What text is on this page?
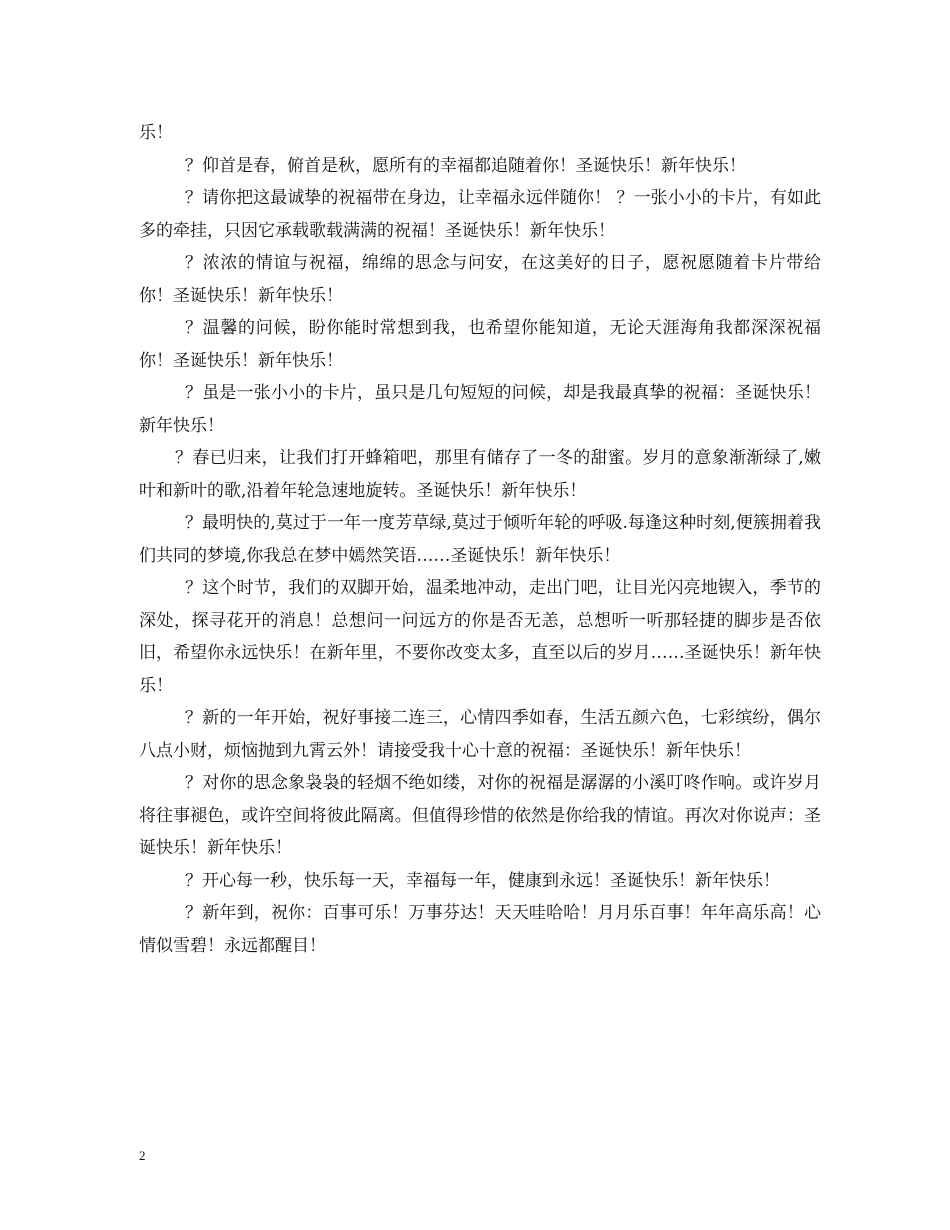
乐！

？仰首是春，俯首是秋，愿所有的幸福都追随着你！圣诞快乐！新年快乐！

？请你把这最诚挚的祝福带在身边，让幸福永远伴随你！ ？一张小小的卡片，有如此多的牵挂，只因它承载歌载满满的祝福！圣诞快乐！新年快乐！

？浓浓的情谊与祝福，绵绵的思念与问安，在这美好的日子，愿祝愿随着卡片带给你！圣诞快乐！新年快乐！

？温馨的问候，盼你能时常想到我，也希望你能知道，无论天涯海角我都深深祝福你！圣诞快乐！新年快乐！

？虽是一张小小的卡片，虽只是几句短短的问候，却是我最真挚的祝福：圣诞快乐！新年快乐！

？春已归来，让我们打开蜂箱吧，那里有储存了一冬的甜蜜。岁月的意象渐渐绿了,嫩叶和新叶的歌,沿着年轮急速地旋转。圣诞快乐！新年快乐！

？最明快的,莫过于一年一度芳草绿,莫过于倾听年轮的呼吸.每逢这种时刻,便簇拥着我们共同的梦境,你我总在梦中嫣然笑语……圣诞快乐！新年快乐！

？这个时节，我们的双脚开始，温柔地冲动，走出门吧，让目光闪亮地锲入，季节的深处，探寻花开的消息！总想问一问远方的你是否无恙，总想听一听那轻捷的脚步是否依旧，希望你永远快乐！在新年里，不要你改变太多，直至以后的岁月……圣诞快乐！新年快乐！

？新的一年开始，祝好事接二连三，心情四季如春，生活五颜六色，七彩缤纷，偶尔八点小财，烦恼抛到九霄云外！请接受我十心十意的祝福：圣诞快乐！新年快乐！

？对你的思念象袅袅的轻烟不绝如缕，对你的祝福是潺潺的小溪叮咚作响。或许岁月将往事褪色，或许空间将彼此隔离。但值得珍惜的依然是你给我的情谊。再次对你说声：圣诞快乐！新年快乐！

？开心每一秒，快乐每一天，幸福每一年，健康到永远！圣诞快乐！新年快乐！

？新年到，祝你：百事可乐！万事芬达！天天哇哈哈！月月乐百事！年年高乐高！心情似雪碧！永远都醒目！

2
